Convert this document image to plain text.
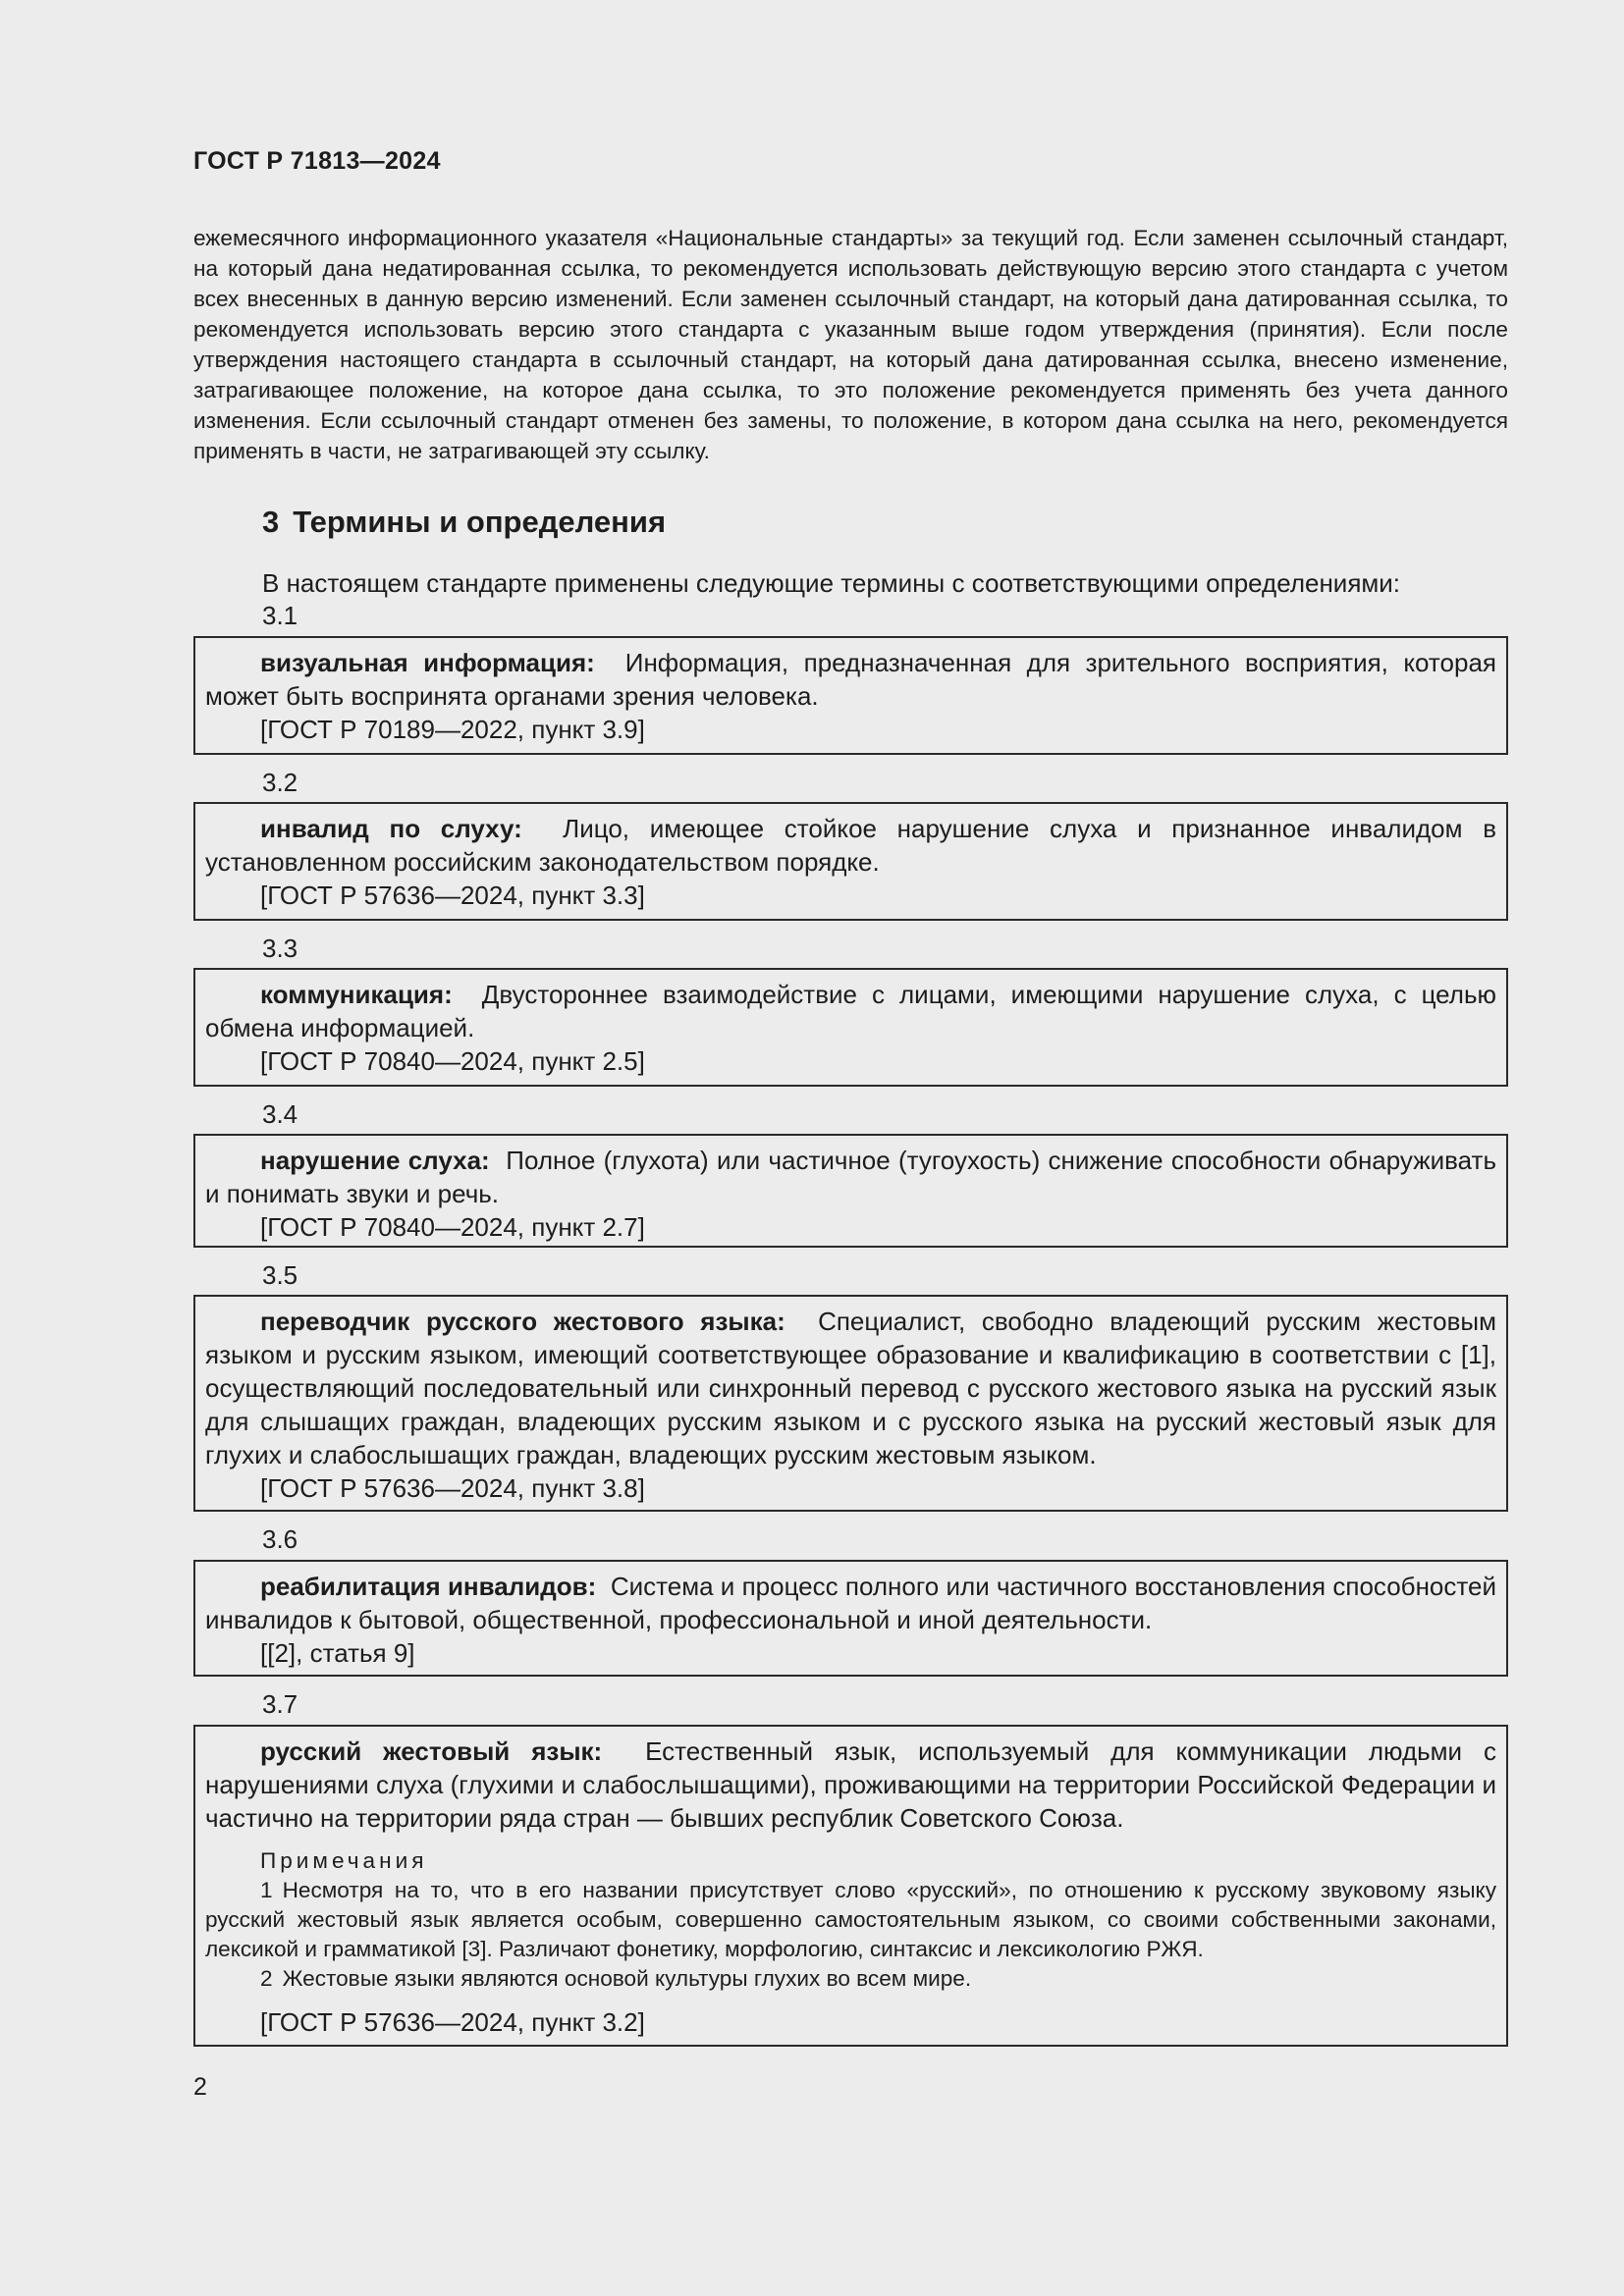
ГОСТ Р 71813—2024

ежемесячного информационного указателя «Национальные стандарты» за текущий год. Если заменен ссылочный стандарт, на который дана недатированная ссылка, то рекомендуется использовать действующую версию этого стандарта с учетом всех внесенных в данную версию изменений. Если заменен ссылочный стандарт, на который дана датированная ссылка, то рекомендуется использовать версию этого стандарта с указанным выше годом утверждения (принятия). Если после утверждения настоящего стандарта в ссылочный стандарт, на который дана датированная ссылка, внесено изменение, затрагивающее положение, на которое дана ссылка, то это положение рекомендуется применять без учета данного изменения. Если ссылочный стандарт отменен без замены, то положение, в котором дана ссылка на него, рекомендуется применять в части, не затрагивающей эту ссылку.

3 Термины и определения
В настоящем стандарте применены следующие термины с соответствующими определениями:
3.1

визуальная информация: Информация, предназначенная для зрительного восприятия, которая может быть воспринята органами зрения человека.

[ГОСТ Р 70189—2022, пункт 3.9]

3.2

инвалид по слуху: Лицо, имеющее стойкое нарушение слуха и признанное инвалидом в установленном российским законодательством порядке.

[ГОСТ Р 57636—2024, пункт 3.3]

3.3

коммуникация: Двустороннее взаимодействие с лицами, имеющими нарушение слуха, с целью обмена информацией.

[ГОСТ Р 70840—2024, пункт 2.5]

3.4

нарушение слуха: Полное (глухота) или частичное (тугоухость) снижение способности обнаруживать и понимать звуки и речь.

[ГОСТ Р 70840—2024, пункт 2.7]

3.5

переводчик русского жестового языка: Специалист, свободно владеющий русским жестовым языком и русским языком, имеющий соответствующее образование и квалификацию в соответствии с [1], осуществляющий последовательный или синхронный перевод с русского жестового языка на русский язык для слышащих граждан, владеющих русским языком и с русского языка на русский жестовый язык для глухих и слабослышащих граждан, владеющих русским жестовым языком.

[ГОСТ Р 57636—2024, пункт 3.8]

3.6

реабилитация инвалидов: Система и процесс полного или частичного восстановления способностей инвалидов к бытовой, общественной, профессиональной и иной деятельности.

[[2], статья 9]

3.7

русский жестовый язык: Естественный язык, используемый для коммуникации людьми с нарушениями слуха (глухими и слабослышащими), проживающими на территории Российской Федерации и частично на территории ряда стран — бывших республик Советского Союза.

Примечания

1 Несмотря на то, что в его названии присутствует слово «русский», по отношению к русскому звуковому языку русский жестовый язык является особым, совершенно самостоятельным языком, со своими собственными законами, лексикой и грамматикой [3]. Различают фонетику, морфологию, синтаксис и лексикологию РЖЯ.

2 Жестовые языки являются основой культуры глухих во всем мире.

[ГОСТ Р 57636—2024, пункт 3.2]

2
